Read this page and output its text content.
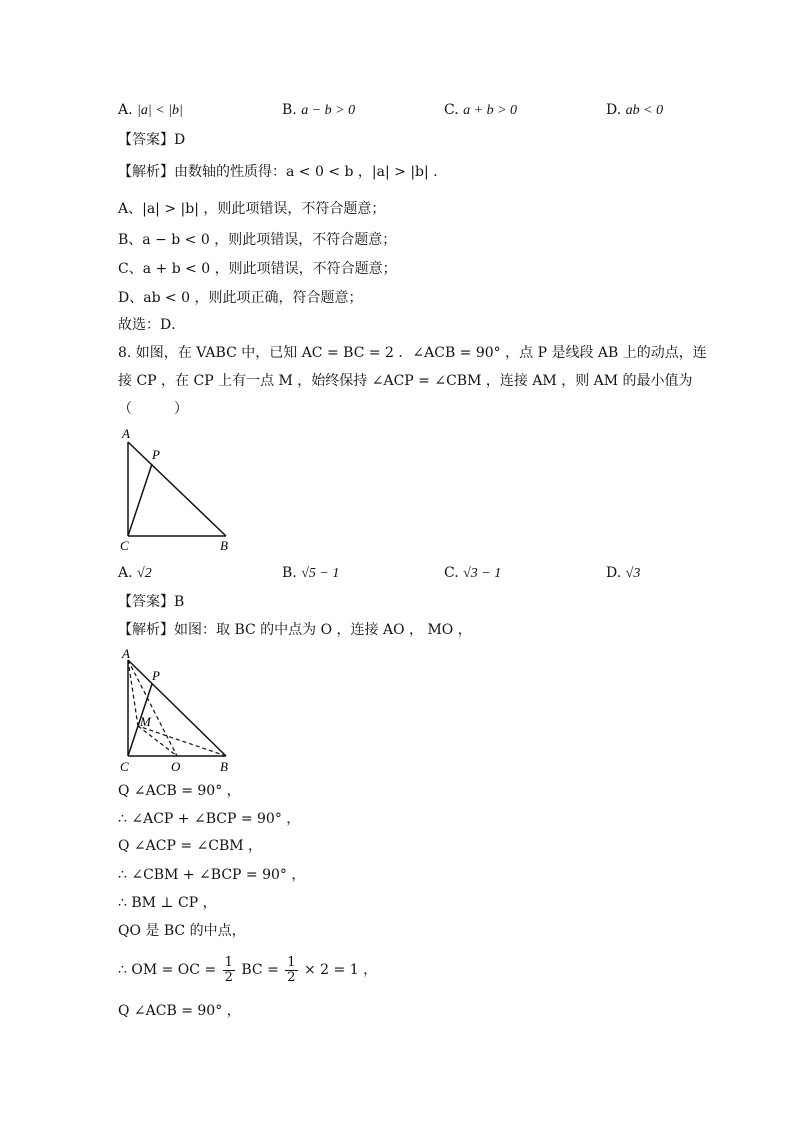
A. |a| < |b|	B. a − b > 0	C. a + b > 0	D. ab < 0
【答案】D
【解析】由数轴的性质得：a < 0 < b ，|a| > |b| .
A、|a| > |b| ，则此项错误，不符合题意；
B、a − b < 0 ，则此项错误，不符合题意；
C、a + b < 0 ，则此项错误，不符合题意；
D、ab < 0 ，则此项正确，符合题意；
故选：D．
8. 如图，在 VABC 中，已知 AC = BC = 2 ．∠ACB = 90° ，点 P 是线段 AB 上的动点，连
接 CP ，在 CP 上有一点 M ，始终保持 ∠ACP = ∠CBM ，连接 AM ，则 AM 的最小值为
（　　　）
A
P
C	B
A. √2	B. √5 − 1	C. √3 − 1	D. √3
【答案】B
【解析】如图：取 BC 的中点为 O ，连接 AO ， MO ，
A
P
M
C	O	B
Q ∠ACB = 90° ，
∴ ∠ACP + ∠BCP = 90° ，
Q ∠ACP = ∠CBM ，
∴ ∠CBM + ∠BCP = 90° ，
∴ BM ⊥ CP ，
QO 是 BC 的中点，
∴ OM = OC = $\frac{1}{2}$ BC = $\frac{1}{2} \times 2 = 1$ ，
Q ∠ACB = 90° ，
